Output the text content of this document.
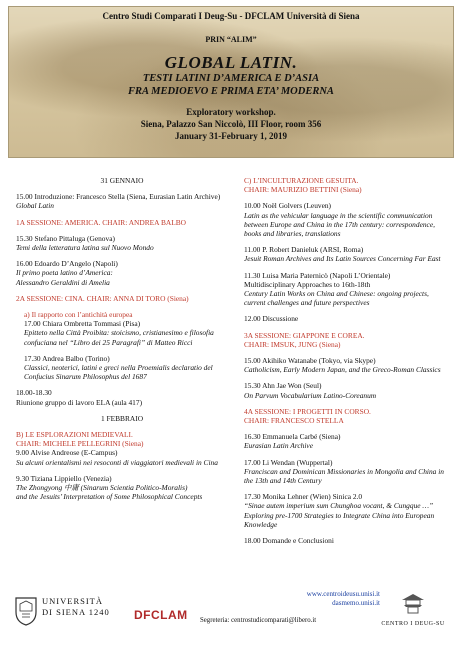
Centro Studi Comparati I Deug-Su - DFCLAM Università di Siena
PRIN “ALIM”
GLOBAL LATIN.
TESTI LATINI D’AMERICA E D’ASIA
FRA MEDIOEVO E PRIMA ETA’ MODERNA
Exploratory workshop.
Siena, Palazzo San Niccolò, III Floor, room 356
January 31-February 1, 2019
31 GENNAIO
15.00 Introduzione: Francesco Stella (Siena, Eurasian Latin Archive) Global Latin
1A SESSIONE: AMERICA. CHAIR: ANDREA BALBO
15.30 Stefano Pittaluga (Genova)
Temi della letteratura latina sul Nuovo Mondo
16.00 Edoardo D’Angelo (Napoli)
Il primo poeta latino d’America:
Alessandro Geraldini di Amelia
2A SESSIONE: CINA. CHAIR: ANNA DI TORO (Siena)
a) Il rapporto con l’antichità europea
17.00 Chiara Ombretta Tommasi (Pisa)
Epitteto nella Città Proibita: stoicismo, cristianesimo e filosofia confuciana nel “Libro dei 25 Paragrafi” di Matteo Ricci
17.30 Andrea Balbo (Torino)
Classici, neoterici, latini e greci nella Proemialis declaratio del Confucius Sinarum Philosophus del 1687
18.00-18.30
Riunione gruppo di lavoro ELA (aula 417)
1 FEBBRAIO
B) LE ESPLORAZIONI MEDIEVALI.
CHAIR: MICHELE PELLEGRINI (Siena)
9.00 Alvise Andreose (E-Campus)
Su alcuni orientalismi nei resoconti di viaggiatori medievali in Cina
9.30 Tiziana Lippiello (Venezia)
The Zhongyong 中庸 (Sinarum Scientia Politico-Moralis)
and the Jesuits’ Interpretation of Some Philosophical Concepts
C) L’INCULTURAZIONE GESUITA.
CHAIR: MAURIZIO BETTINI (Siena)
10.00 Noël Golvers (Leuven)
Latin as the vehicular language in the scientific communication between Europe and China in the 17th century: correspondence, books and libraries, translations
11.00 P. Robert Danieluk (ARSI, Roma)
Jesuit Roman Archives and Its Latin Sources Concerning Far East
11.30 Luisa Maria Paternicò (Napoli L’Orientale)
Multidisciplinary Approaches to 16th-18th
Century Latin Works on China and Chinese: ongoing projects, current challenges and future perspectives
12.00 Discussione
3A SESSIONE: GIAPPONE E COREA.
CHAIR: IMSUK, JUNG (Siena)
15.00 Akihiko Watanabe (Tokyo, via Skype)
Catholicism, Early Modern Japan, and the Greco-Roman Classics
15.30 Ahn Jae Won (Seul)
On Parvum Vocabularium Latino-Coreanum
4A SESSIONE: I PROGETTI IN CORSO.
CHAIR: FRANCESCO STELLA
16.30 Emmanuela Carbé (Siena)
Eurasian Latin Archive
17.00 Li Wendan (Wuppertal)
Franciscan and Dominican Missionaries in Mongolia and China in the 13th and 14th Century
17.30 Monika Lehner (Wien) Sinica 2.0
“Sinae autem imperium sum Chunghoa vocant, & Cungque …” Exploring pre-1700 Strategies to Integrate China into European Knowledge
18.00 Domande e Conclusioni
UNIVERSITÀ
DI SIENA 1240 DFCLAM
www.centroideusu.unisi.it
dasmemo.unisi.it
Segreteria: centrostudicomparati@libero.it	CENTRO I DEUG-SU
